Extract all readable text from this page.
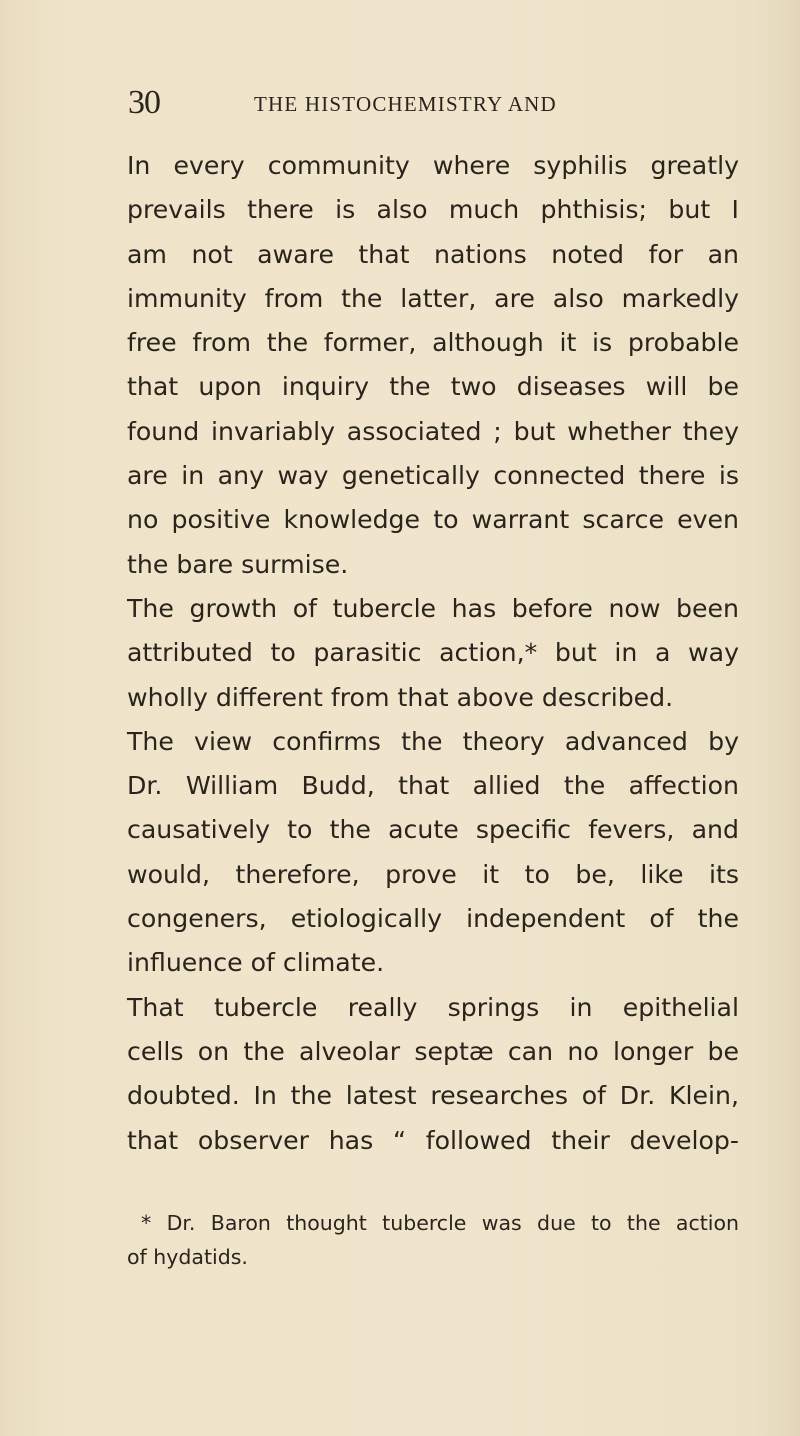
30	THE HISTOCHEMISTRY AND
In every community where syphilis greatly
prevails there is also much phthisis; but I
am not aware that nations noted for an
immunity from the latter, are also markedly
free from the former, although it is probable
that upon inquiry the two diseases will be
found invariably associated ; but whether they
are in any way genetically connected there is
no positive knowledge to warrant scarce even
the bare surmise.
The growth of tubercle has before now been
attributed to parasitic action,* but in a way
wholly different from that above described.
The view confirms the theory advanced by
Dr. William Budd, that allied the affection
causatively to the acute specific fevers, and
would, therefore, prove it to be, like its
congeners, etiologically independent of the
influence of climate.
That tubercle really springs in epithelial
cells on the alveolar septæ can no longer be
doubted. In the latest researches of Dr. Klein,
that observer has “ followed their develop-
* Dr. Baron thought tubercle was due to the action
of hydatids.
